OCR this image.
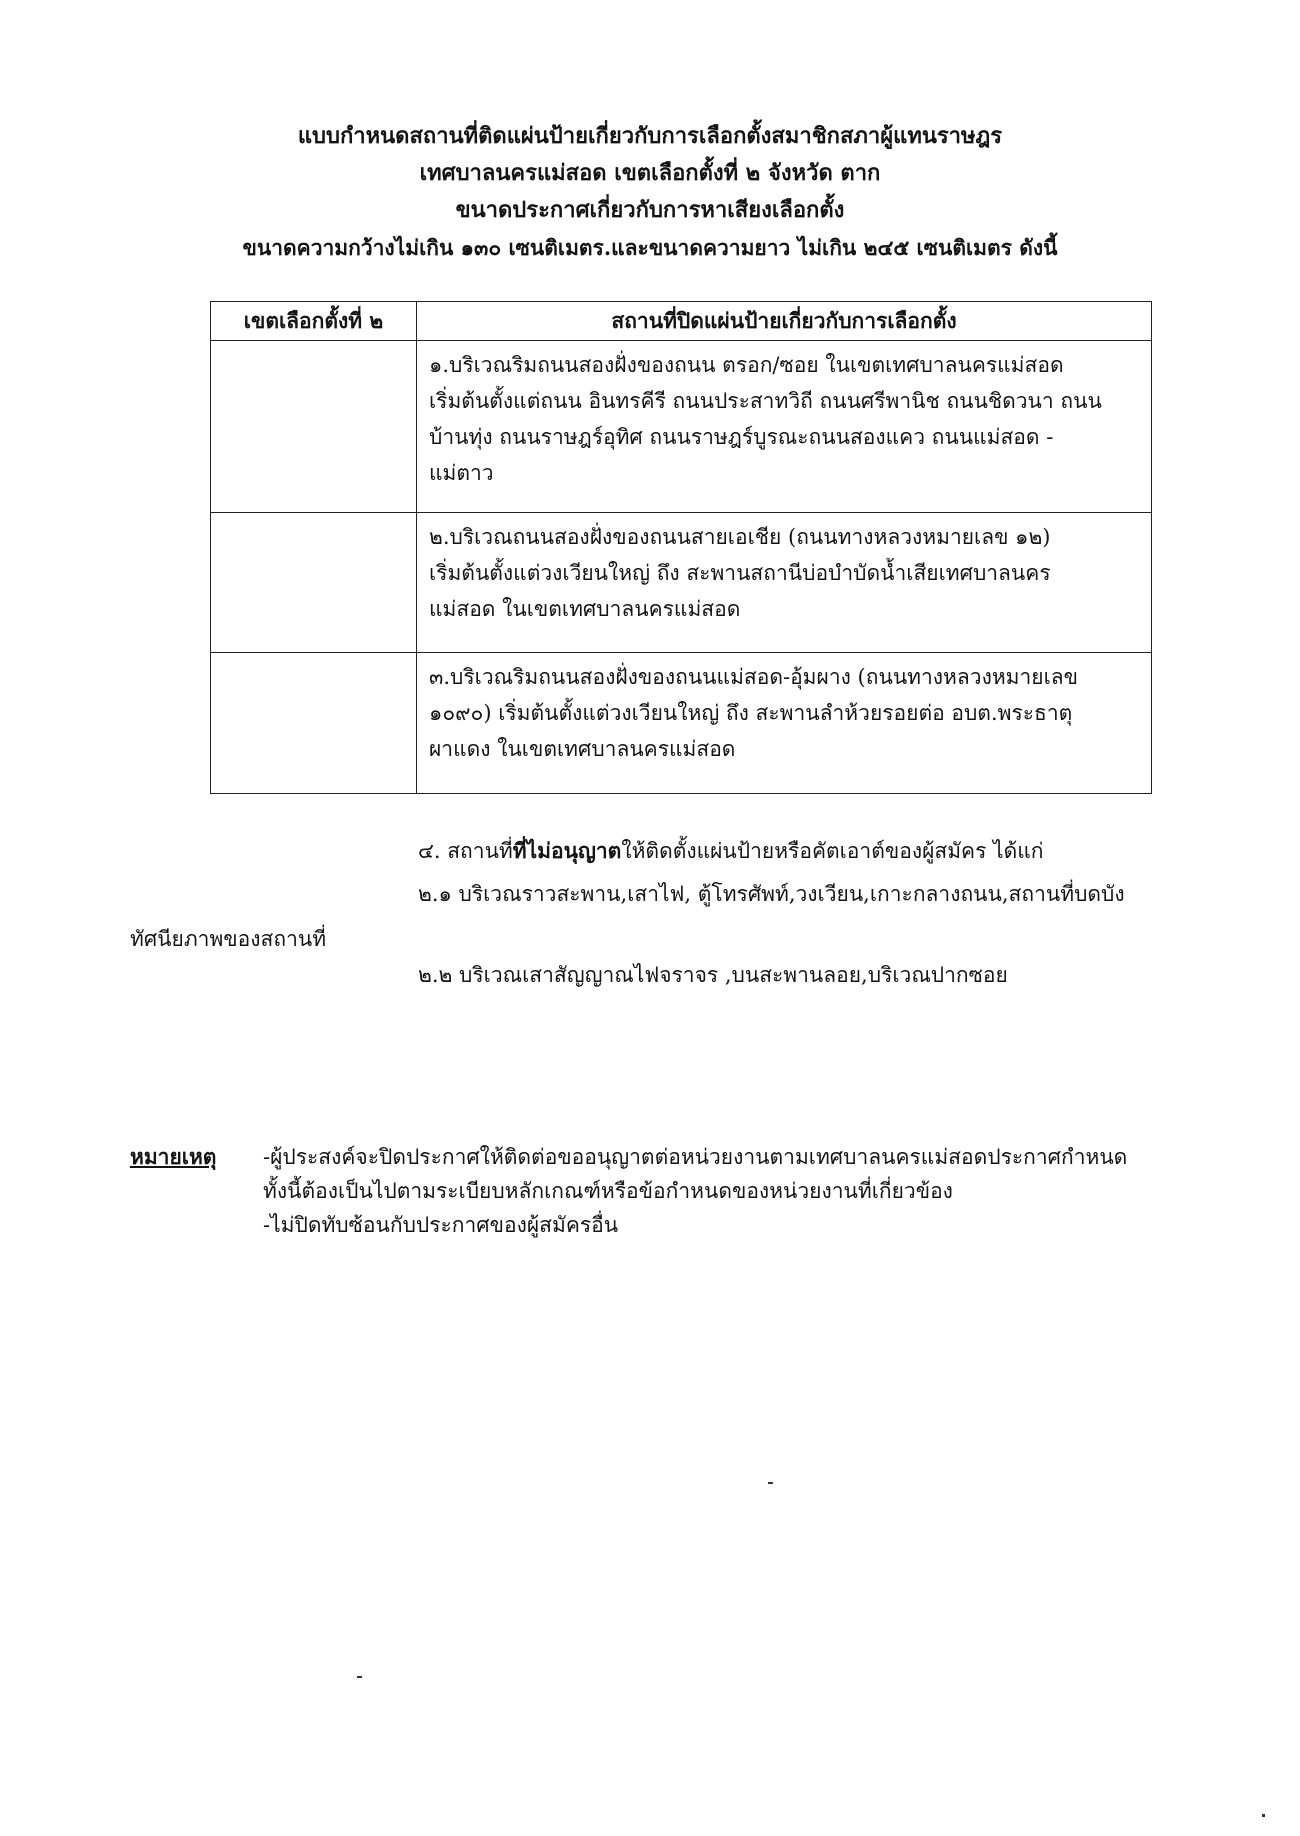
แบบกำหนดสถานที่ติดแผ่นป้ายเกี่ยวกับการเลือกตั้งสมาชิกสภาผู้แทนราษฎร
เทศบาลนครแม่สอด เขตเลือกตั้งที่ ๒ จังหวัด ตาก
ขนาดประกาศเกี่ยวกับการหาเสียงเลือกตั้ง
ขนาดความกว้างไม่เกิน ๑๓๐ เซนติเมตร.และขนาดความยาว ไม่เกิน ๒๔๕ เซนติเมตร ดังนี้
เขตเลือกตั้งที่ ๒	สถานที่ปิดแผ่นป้ายเกี่ยวกับการเลือกตั้ง

	๑.บริเวณริมถนนสองฝั่งของถนน ตรอก/ซอย ในเขตเทศบาลนครแม่สอด
เริ่มต้นตั้งแต่ถนน อินทรคีรี ถนนประสาทวิถี ถนนศรีพานิช ถนนชิดวนา ถนน
บ้านทุ่ง ถนนราษฎร์อุทิศ ถนนราษฎร์บูรณะถนนสองแคว ถนนแม่สอด -
แม่ตาว

	๒.บริเวณถนนสองฝั่งของถนนสายเอเชีย (ถนนทางหลวงหมายเลข ๑๒)
เริ่มต้นตั้งแต่วงเวียนใหญ่ ถึง สะพานสถานีบ่อบำบัดน้ำเสียเทศบาลนคร
แม่สอด ในเขตเทศบาลนครแม่สอด

	๓.บริเวณริมถนนสองฝั่งของถนนแม่สอด-อุ้มผาง (ถนนทางหลวงหมายเลข
๑๐๙๐) เริ่มต้นตั้งแต่วงเวียนใหญ่ ถึง สะพานลำห้วยรอยต่อ อบต.พระธาตุ
ผาแดง ในเขตเทศบาลนครแม่สอด
๔. สถานที่ที่ไม่อนุญาตให้ติดตั้งแผ่นป้ายหรือคัตเอาต์ของผู้สมัคร ได้แก่
๒.๑ บริเวณราวสะพาน,เสาไฟ, ตู้โทรศัพท์,วงเวียน,เกาะกลางถนน,สถานที่บดบัง
ทัศนียภาพของสถานที่
๒.๒ บริเวณเสาสัญญาณไฟจราจร ,บนสะพานลอย,บริเวณปากซอย
หมายเหตุ -ผู้ประสงค์จะปิดประกาศให้ติดต่อขออนุญาตต่อหน่วยงานตามเทศบาลนครแม่สอดประกาศกำหนด
ทั้งนี้ต้องเป็นไปตามระเบียบหลักเกณฑ์หรือข้อกำหนดของหน่วยงานที่เกี่ยวข้อง
-ไม่ปิดทับซ้อนกับประกาศของผู้สมัครอื่น
